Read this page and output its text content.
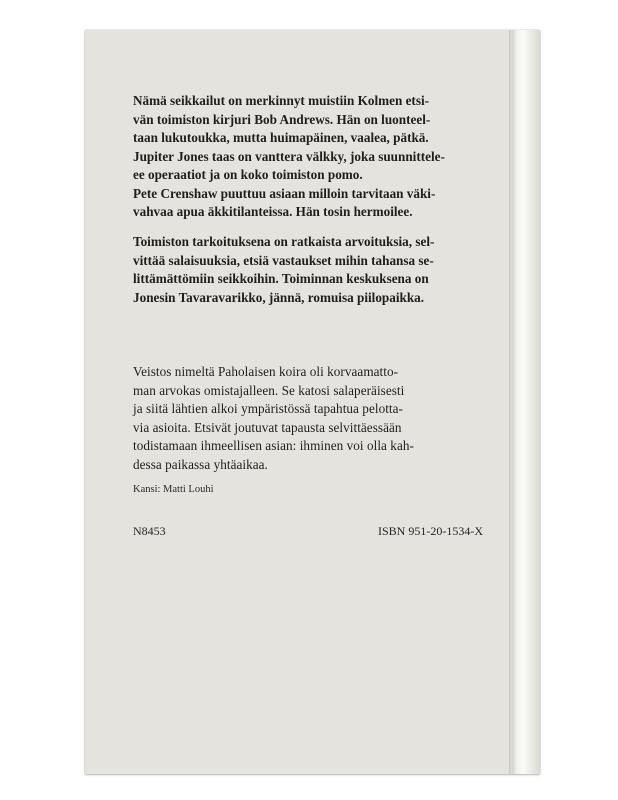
Nämä seikkailut on merkinnyt muistiin Kolmen etsi-
vän toimiston kirjuri Bob Andrews. Hän on luonteel-
taan lukutoukka, mutta huimapäinen, vaalea, pätkä.
Jupiter Jones taas on vanttera välkky, joka suunnittele-
ee operaatiot ja on koko toimiston pomo.
Pete Crenshaw puuttuu asiaan milloin tarvitaan väki-
vahvaa apua äkkitilanteissa. Hän tosin hermoilee.

Toimiston tarkoituksena on ratkaista arvoituksia, sel-
vittää salaisuuksia, etsiä vastaukset mihin tahansa se-
littämättömiin seikkoihin. Toiminnan keskuksena on
Jonesin Tavaravarikko, jännä, romuisa piilopaikka.

Veistos nimeltä Paholaisen koira oli korvaamatto-
man arvokas omistajalleen. Se katosi salaperäisesti
ja siitä lähtien alkoi ympäristössä tapahtua pelotta-
via asioita. Etsivät joutuvat tapausta selvittäessään
todistamaan ihmeellisen asian: ihminen voi olla kah-
dessa paikassa yhtäaikaa.

Kansi: Matti Louhi

N8453	ISBN 951-20-1534-X
